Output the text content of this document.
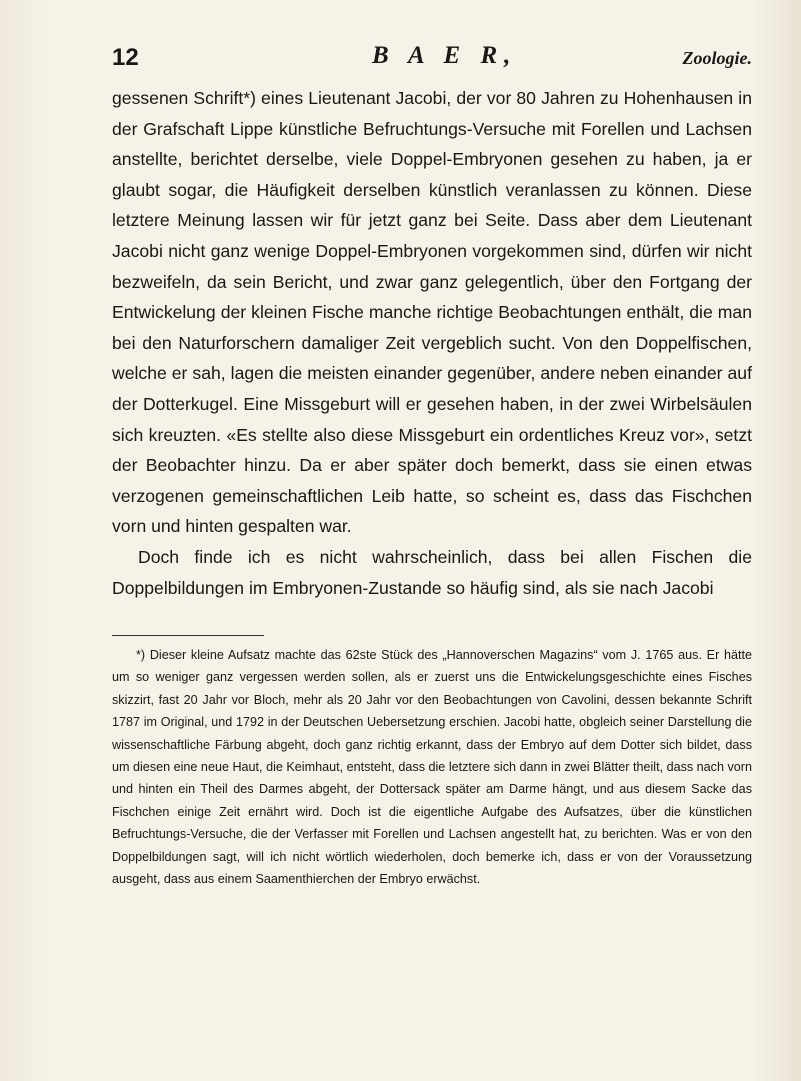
12	B A E R,	Zoologie.

gessenen Schrift*) eines Lieutenant Jacobi, der vor 80 Jahren zu Hohenhausen in der Grafschaft Lippe künstliche Befruchtungs-Versuche mit Forellen und Lachsen anstellte, berichtet derselbe, viele Doppel-Embryonen gesehen zu haben, ja er glaubt sogar, die Häufigkeit derselben künstlich veranlassen zu können. Diese letztere Meinung lassen wir für jetzt ganz bei Seite. Dass aber dem Lieutenant Jacobi nicht ganz wenige Doppel-Embryonen vorgekommen sind, dürfen wir nicht bezweifeln, da sein Bericht, und zwar ganz gelegentlich, über den Fortgang der Entwickelung der kleinen Fische manche richtige Beobachtungen enthält, die man bei den Naturforschern damaliger Zeit vergeblich sucht. Von den Doppelfischen, welche er sah, lagen die meisten einander gegenüber, andere neben einander auf der Dotterkugel. Eine Missgeburt will er gesehen haben, in der zwei Wirbelsäulen sich kreuzten. «Es stellte also diese Missgeburt ein ordentliches Kreuz vor», setzt der Beobachter hinzu. Da er aber später doch bemerkt, dass sie einen etwas verzogenen gemeinschaftlichen Leib hatte, so scheint es, dass das Fischchen vorn und hinten gespalten war.

Doch finde ich es nicht wahrscheinlich, dass bei allen Fischen die Doppelbildungen im Embryonen-Zustande so häufig sind, als sie nach Jacobi

*) Dieser kleine Aufsatz machte das 62ste Stück des „Hannoverschen Magazins“ vom J. 1765 aus. Er hätte um so weniger ganz vergessen werden sollen, als er zuerst uns die Entwickelungsgeschichte eines Fisches skizzirt, fast 20 Jahr vor Bloch, mehr als 20 Jahr vor den Beobachtungen von Cavolini, dessen bekannte Schrift 1787 im Original, und 1792 in der Deutschen Uebersetzung erschien. Jacobi hatte, obgleich seiner Darstellung die wissenschaftliche Färbung abgeht, doch ganz richtig erkannt, dass der Embryo auf dem Dotter sich bildet, dass um diesen eine neue Haut, die Keimhaut, entsteht, dass die letztere sich dann in zwei Blätter theilt, dass nach vorn und hinten ein Theil des Darmes abgeht, der Dottersack später am Darme hängt, und aus diesem Sacke das Fischchen einige Zeit ernährt wird. Doch ist die eigentliche Aufgabe des Aufsatzes, über die künstlichen Befruchtungs-Versuche, die der Verfasser mit Forellen und Lachsen angestellt hat, zu berichten. Was er von den Doppelbildungen sagt, will ich nicht wörtlich wiederholen, doch bemerke ich, dass er von der Voraussetzung ausgeht, dass aus einem Saamenthierchen der Embryo erwächst.
